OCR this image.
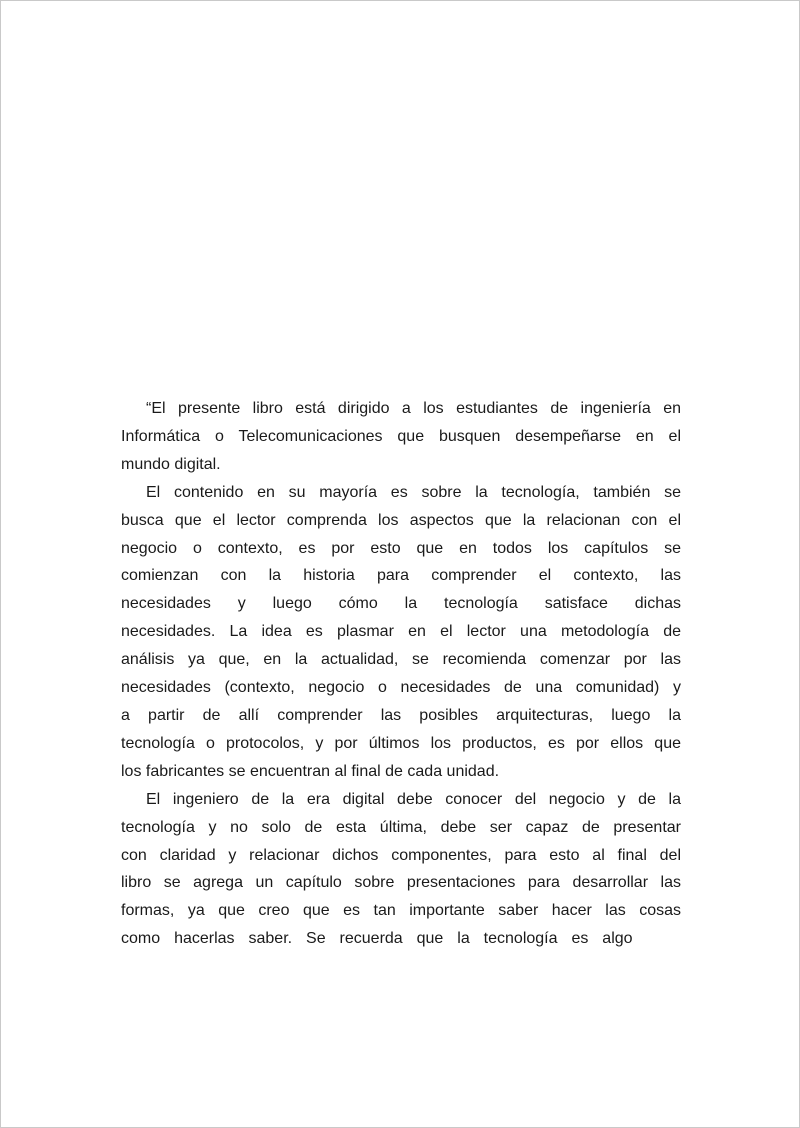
“El presente libro está dirigido a los estudiantes de ingeniería en
Informática o Telecomunicaciones que busquen desempeñarse en el
mundo digital.
El contenido en su mayoría es sobre la tecnología, también se
busca que el lector comprenda los aspectos que la relacionan con el
negocio o contexto, es por esto que en todos los capítulos se
comienzan con la historia para comprender el contexto, las
necesidades y luego cómo la tecnología satisface dichas
necesidades. La idea es plasmar en el lector una metodología de
análisis ya que, en la actualidad, se recomienda comenzar por las
necesidades (contexto, negocio o necesidades de una comunidad) y
a partir de allí comprender las posibles arquitecturas, luego la
tecnología o protocolos, y por últimos los productos, es por ellos que
los fabricantes se encuentran al final de cada unidad.
El ingeniero de la era digital debe conocer del negocio y de la
tecnología y no solo de esta última, debe ser capaz de presentar
con claridad y relacionar dichos componentes, para esto al final del
libro se agrega un capítulo sobre presentaciones para desarrollar las
formas, ya que creo que es tan importante saber hacer las cosas
como hacerlas saber. Se recuerda que la tecnología es algo
